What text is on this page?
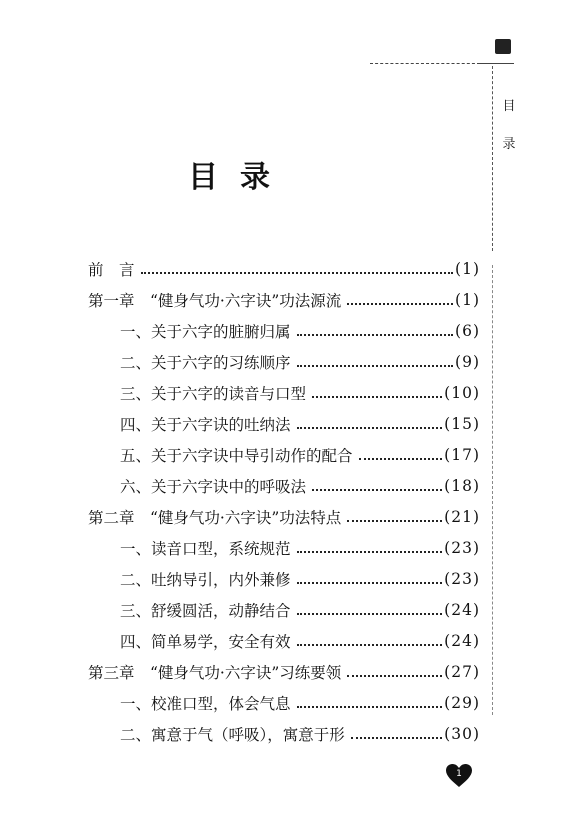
目
录
目录
前　言	(1)
第一章　“健身气功·六字诀”功法源流	(1)
一、关于六字的脏腑归属	(6)
二、关于六字的习练顺序	(9)
三、关于六字的读音与口型	(10)
四、关于六字诀的吐纳法	(15)
五、关于六字诀中导引动作的配合	(17)
六、关于六字诀中的呼吸法	(18)
第二章　“健身气功·六字诀”功法特点	(21)
一、读音口型，系统规范	(23)
二、吐纳导引，内外兼修	(23)
三、舒缓圆活，动静结合	(24)
四、简单易学，安全有效	(24)
第三章　“健身气功·六字诀”习练要领	(27)
一、校准口型，体会气息	(29)
二、寓意于气（呼吸），寓意于形	(30)
1
